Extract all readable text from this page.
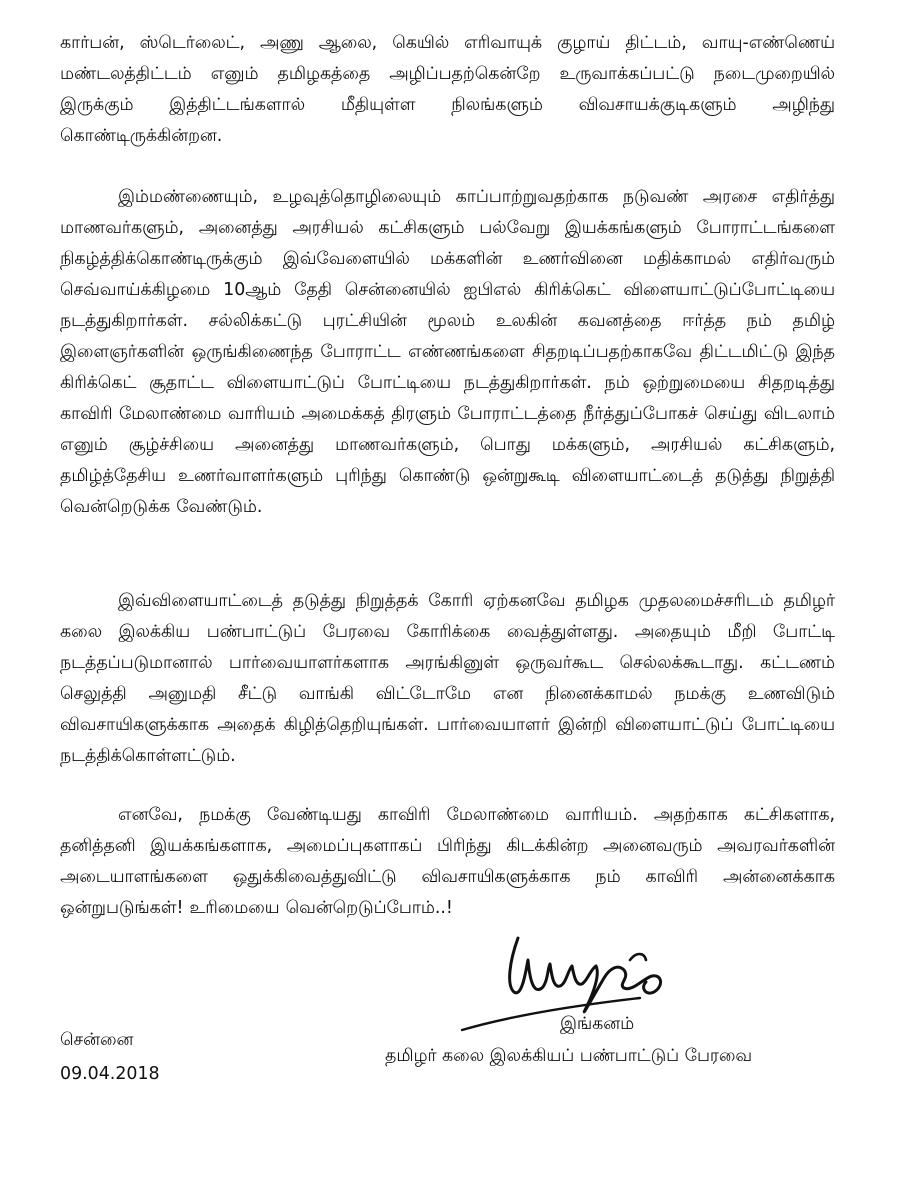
கார்பன், ஸ்டெர்லைட், அணு ஆலை, கெயில் எரிவாயுக் குழாய் திட்டம், வாயு-எண்ணெய் மண்டலத்திட்டம் எனும் தமிழகத்தை அழிப்பதற்கென்றே உருவாக்கப்பட்டு நடைமுறையில் இருக்கும் இத்திட்டங்களால் மீதியுள்ள நிலங்களும் விவசாயக்குடிகளும் அழிந்து கொண்டிருக்கின்றன.

இம்மண்ணையும், உழவுத்தொழிலையும் காப்பாற்றுவதற்காக நடுவண் அரசை எதிர்த்து மாணவர்களும், அனைத்து அரசியல் கட்சிகளும் பல்வேறு இயக்கங்களும் போராட்டங்களை நிகழ்த்திக்கொண்டிருக்கும் இவ்வேளையில் மக்களின் உணர்வினை மதிக்காமல் எதிர்வரும் செவ்வாய்க்கிழமை 10ஆம் தேதி சென்னையில் ஐபிஎல் கிரிக்கெட் விளையாட்டுப்போட்டியை நடத்துகிறார்கள். சல்லிக்கட்டு புரட்சியின் மூலம் உலகின் கவனத்தை ஈர்த்த நம் தமிழ் இளைஞர்களின் ஒருங்கிணைந்த போராட்ட எண்ணங்களை சிதறடிப்பதற்காகவே திட்டமிட்டு இந்த கிரிக்கெட் சூதாட்ட விளையாட்டுப் போட்டியை நடத்துகிறார்கள். நம் ஒற்றுமையை சிதறடித்து காவிரி மேலாண்மை வாரியம் அமைக்கத் திரளும் போராட்டத்தை நீர்த்துப்போகச் செய்து விடலாம் எனும் சூழ்ச்சியை அனைத்து மாணவர்களும், பொது மக்களும், அரசியல் கட்சிகளும், தமிழ்த்தேசிய உணர்வாளர்களும் புரிந்து கொண்டு ஒன்றுகூடி விளையாட்டைத் தடுத்து நிறுத்தி வென்றெடுக்க வேண்டும்.

இவ்விளையாட்டைத் தடுத்து நிறுத்தக் கோரி ஏற்கனவே தமிழக முதலமைச்சரிடம் தமிழர் கலை இலக்கிய பண்பாட்டுப் பேரவை கோரிக்கை வைத்துள்ளது. அதையும் மீறி போட்டி நடத்தப்படுமானால் பார்வையாளர்களாக அரங்கினுள் ஒருவர்கூட செல்லக்கூடாது. கட்டணம் செலுத்தி அனுமதி சீட்டு வாங்கி விட்டோமே என நினைக்காமல் நமக்கு உணவிடும் விவசாயிகளுக்காக அதைக் கிழித்தெறியுங்கள். பார்வையாளர் இன்றி விளையாட்டுப் போட்டியை நடத்திக்கொள்ளட்டும்.

எனவே, நமக்கு வேண்டியது காவிரி மேலாண்மை வாரியம். அதற்காக கட்சிகளாக, தனித்தனி இயக்கங்களாக, அமைப்புகளாகப் பிரிந்து கிடக்கின்ற அனைவரும் அவரவர்களின் அடையாளங்களை ஒதுக்கிவைத்துவிட்டு விவசாயிகளுக்காக நம் காவிரி அன்னைக்காக ஒன்றுபடுங்கள்! உரிமையை வென்றெடுப்போம்..!

இங்கனம்
தமிழர் கலை இலக்கியப் பண்பாட்டுப் பேரவை
சென்னை
09.04.2018
